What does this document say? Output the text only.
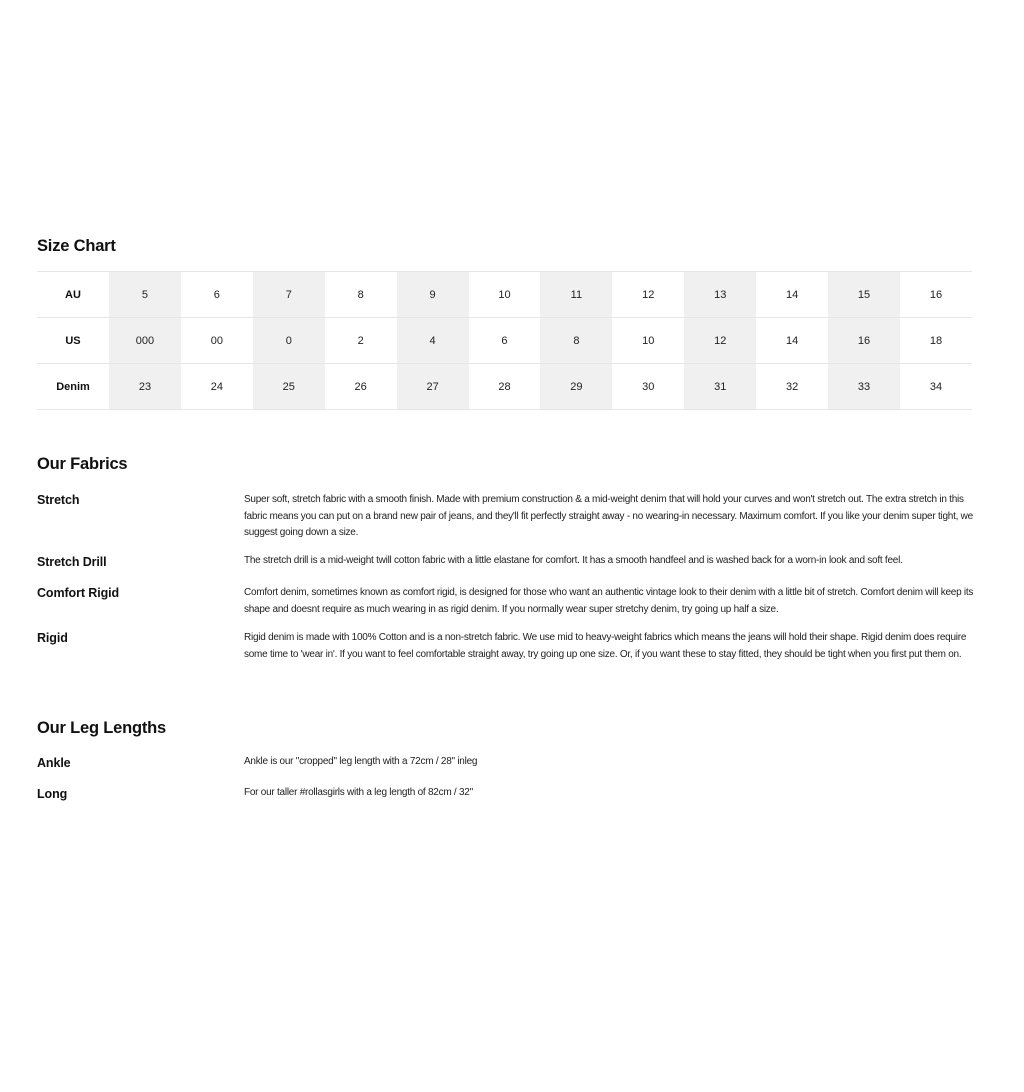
Size Chart
AU	5	6	7	8	9	10	11	12	13	14	15	16
US	000	00	0	2	4	6	8	10	12	14	16	18
Denim	23	24	25	26	27	28	29	30	31	32	33	34
Our Fabrics
Stretch	Super soft, stretch fabric with a smooth finish. Made with premium construction & a mid-weight denim that will hold your curves and won't stretch out. The extra stretch in this fabric means you can put on a brand new pair of jeans, and they'll fit perfectly straight away - no wearing-in necessary. Maximum comfort. If you like your denim super tight, we suggest going down a size.
Stretch Drill	The stretch drill is a mid-weight twill cotton fabric with a little elastane for comfort. It has a smooth handfeel and is washed back for a worn-in look and soft feel.
Comfort Rigid	Comfort denim, sometimes known as comfort rigid, is designed for those who want an authentic vintage look to their denim with a little bit of stretch. Comfort denim will keep its shape and doesnt require as much wearing in as rigid denim. If you normally wear super stretchy denim, try going up half a size.
Rigid	Rigid denim is made with 100% Cotton and is a non-stretch fabric. We use mid to heavy-weight fabrics which means the jeans will hold their shape. Rigid denim does require some time to 'wear in'. If you want to feel comfortable straight away, try going up one size. Or, if you want these to stay fitted, they should be tight when you first put them on.
Our Leg Lengths
Ankle	Ankle is our "cropped" leg length with a 72cm / 28" inleg
Long	For our taller #rollasgirls with a leg length of 82cm / 32"
